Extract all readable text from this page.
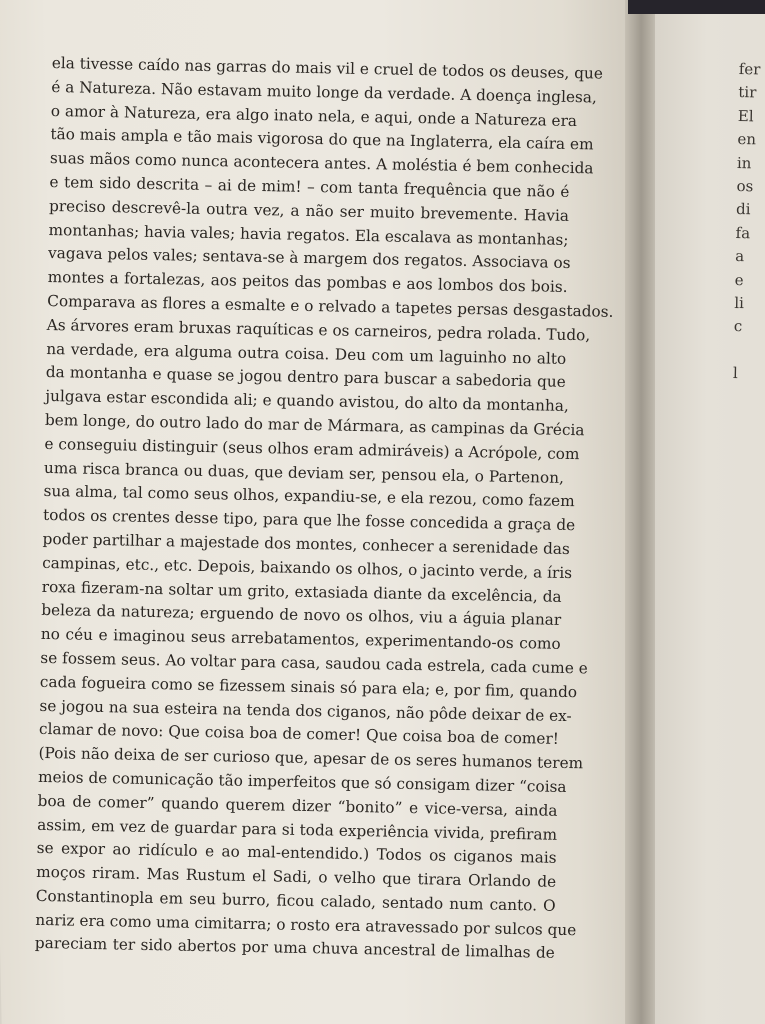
ela tivesse caído nas garras do mais vil e cruel de todos os deuses, que
é a Natureza. Não estavam muito longe da verdade. A doença inglesa,
o amor à Natureza, era algo inato nela, e aqui, onde a Natureza era
tão mais ampla e tão mais vigorosa do que na Inglaterra, ela caíra em
suas mãos como nunca acontecera antes. A moléstia é bem conhecida
e tem sido descrita – ai de mim! – com tanta frequência que não é
preciso descrevê-la outra vez, a não ser muito brevemente. Havia
montanhas; havia vales; havia regatos. Ela escalava as montanhas;
vagava pelos vales; sentava-se à margem dos regatos. Associava os
montes a fortalezas, aos peitos das pombas e aos lombos dos bois.
Comparava as flores a esmalte e o relvado a tapetes persas desgastados.
As árvores eram bruxas raquíticas e os carneiros, pedra rolada. Tudo,
na verdade, era alguma outra coisa. Deu com um laguinho no alto
da montanha e quase se jogou dentro para buscar a sabedoria que
julgava estar escondida ali; e quando avistou, do alto da montanha,
bem longe, do outro lado do mar de Mármara, as campinas da Grécia
e conseguiu distinguir (seus olhos eram admiráveis) a Acrópole, com
uma risca branca ou duas, que deviam ser, pensou ela, o Partenon,
sua alma, tal como seus olhos, expandiu-se, e ela rezou, como fazem
todos os crentes desse tipo, para que lhe fosse concedida a graça de
poder partilhar a majestade dos montes, conhecer a serenidade das
campinas, etc., etc. Depois, baixando os olhos, o jacinto verde, a íris
roxa fizeram-na soltar um grito, extasiada diante da excelência, da
beleza da natureza; erguendo de novo os olhos, viu a águia planar
no céu e imaginou seus arrebatamentos, experimentando-os como
se fossem seus. Ao voltar para casa, saudou cada estrela, cada cume e
cada fogueira como se fizessem sinais só para ela; e, por fim, quando
se jogou na sua esteira na tenda dos ciganos, não pôde deixar de ex-
clamar de novo: Que coisa boa de comer! Que coisa boa de comer!
(Pois não deixa de ser curioso que, apesar de os seres humanos terem
meios de comunicação tão imperfeitos que só consigam dizer “coisa
boa de comer” quando querem dizer “bonito” e vice-versa, ainda
assim, em vez de guardar para si toda experiência vivida, prefiram
se expor ao ridículo e ao mal-entendido.) Todos os ciganos mais
moços riram. Mas Rustum el Sadi, o velho que tirara Orlando de
Constantinopla em seu burro, ficou calado, sentado num canto. O
nariz era como uma cimitarra; o rosto era atravessado por sulcos que
pareciam ter sido abertos por uma chuva ancestral de limalhas de
fer
tir
El
en
in
os
di
fa
a
e
li
c
l
